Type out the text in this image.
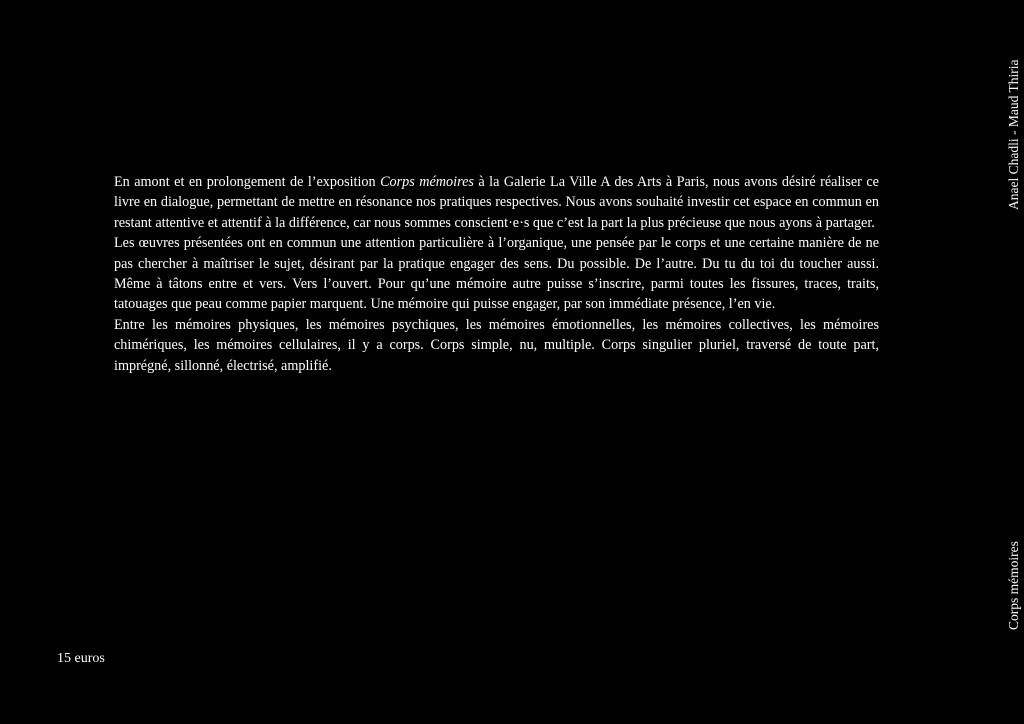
En amont et en prolongement de l’exposition Corps mémoires à la Galerie La Ville A des Arts à Paris, nous avons désiré réaliser ce livre en dialogue, permettant de mettre en résonance nos pratiques respectives. Nous avons souhaité investir cet espace en commun en restant attentive et attentif à la différence, car nous sommes conscient·e·s que c’est la part la plus précieuse que nous ayons à partager.

Les œuvres présentées ont en commun une attention particulière à l’organique, une pensée par le corps et une certaine manière de ne pas chercher à maîtriser le sujet, désirant par la pratique engager des sens. Du possible. De l’autre. Du tu du toi du toucher aussi. Même à tâtons entre et vers. Vers l’ouvert. Pour qu’une mémoire autre puisse s’inscrire, parmi toutes les fissures, traces, traits, tatouages que peau comme papier marquent. Une mémoire qui puisse engager, par son immédiate présence, l’en vie.

Entre les mémoires physiques, les mémoires psychiques, les mémoires émotionnelles, les mémoires collectives, les mémoires chimériques, les mémoires cellulaires, il y a corps. Corps simple, nu, multiple. Corps singulier pluriel, traversé de toute part, imprégné, sillonné, électrisé, amplifié.

15 euros
Anael Chadli - Maud Thiria
Corps mémoires
